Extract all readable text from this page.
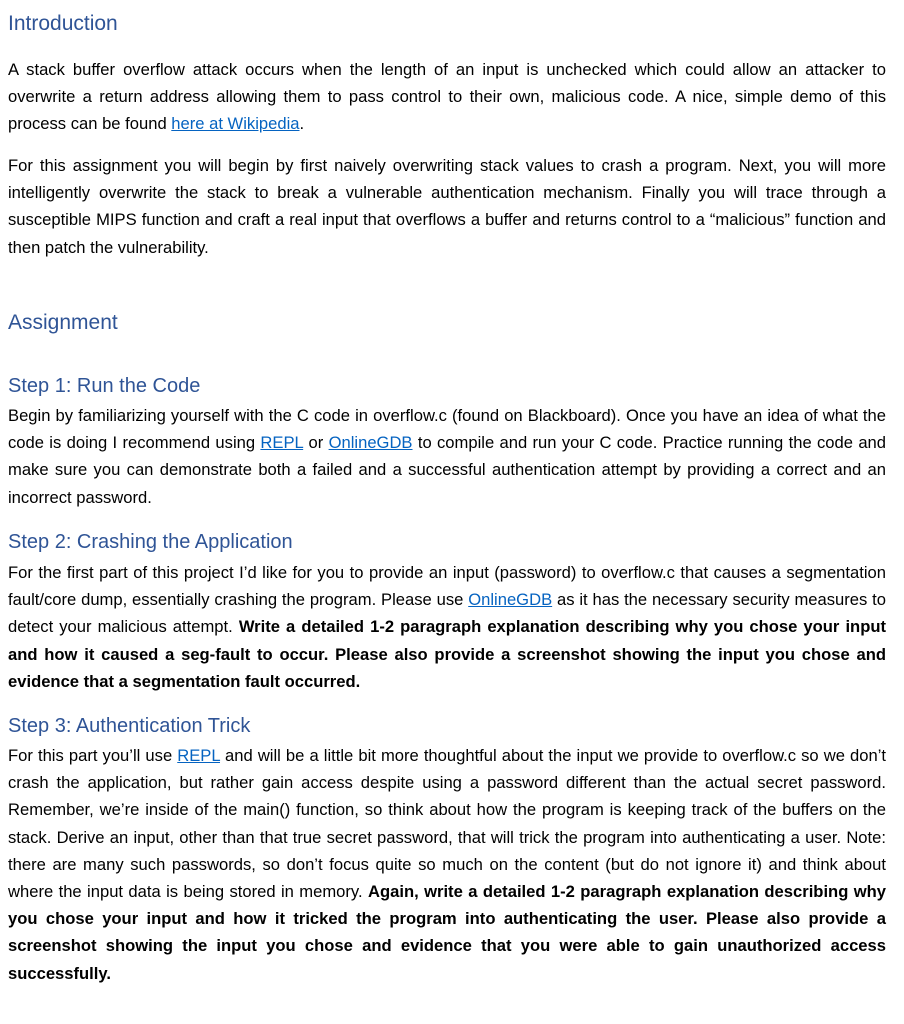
Introduction

A stack buffer overflow attack occurs when the length of an input is unchecked which could allow an attacker to overwrite a return address allowing them to pass control to their own, malicious code. A nice, simple demo of this process can be found here at Wikipedia.

For this assignment you will begin by first naively overwriting stack values to crash a program. Next, you will more intelligently overwrite the stack to break a vulnerable authentication mechanism. Finally you will trace through a susceptible MIPS function and craft a real input that overflows a buffer and returns control to a “malicious” function and then patch the vulnerability.

Assignment
Step 1: Run the Code

Begin by familiarizing yourself with the C code in overflow.c (found on Blackboard). Once you have an idea of what the code is doing I recommend using REPL or OnlineGDB to compile and run your C code. Practice running the code and make sure you can demonstrate both a failed and a successful authentication attempt by providing a correct and an incorrect password.

Step 2: Crashing the Application

For the first part of this project I’d like for you to provide an input (password) to overflow.c that causes a segmentation fault/core dump, essentially crashing the program. Please use OnlineGDB as it has the necessary security measures to detect your malicious attempt. Write a detailed 1-2 paragraph explanation describing why you chose your input and how it caused a seg-fault to occur. Please also provide a screenshot showing the input you chose and evidence that a segmentation fault occurred.

Step 3: Authentication Trick

For this part you’ll use REPL and will be a little bit more thoughtful about the input we provide to overflow.c so we don’t crash the application, but rather gain access despite using a password different than the actual secret password. Remember, we’re inside of the main() function, so think about how the program is keeping track of the buffers on the stack. Derive an input, other than that true secret password, that will trick the program into authenticating a user. Note: there are many such passwords, so don’t focus quite so much on the content (but do not ignore it) and think about where the input data is being stored in memory. Again, write a detailed 1-2 paragraph explanation describing why you chose your input and how it tricked the program into authenticating the user. Please also provide a screenshot showing the input you chose and evidence that you were able to gain unauthorized access successfully.
